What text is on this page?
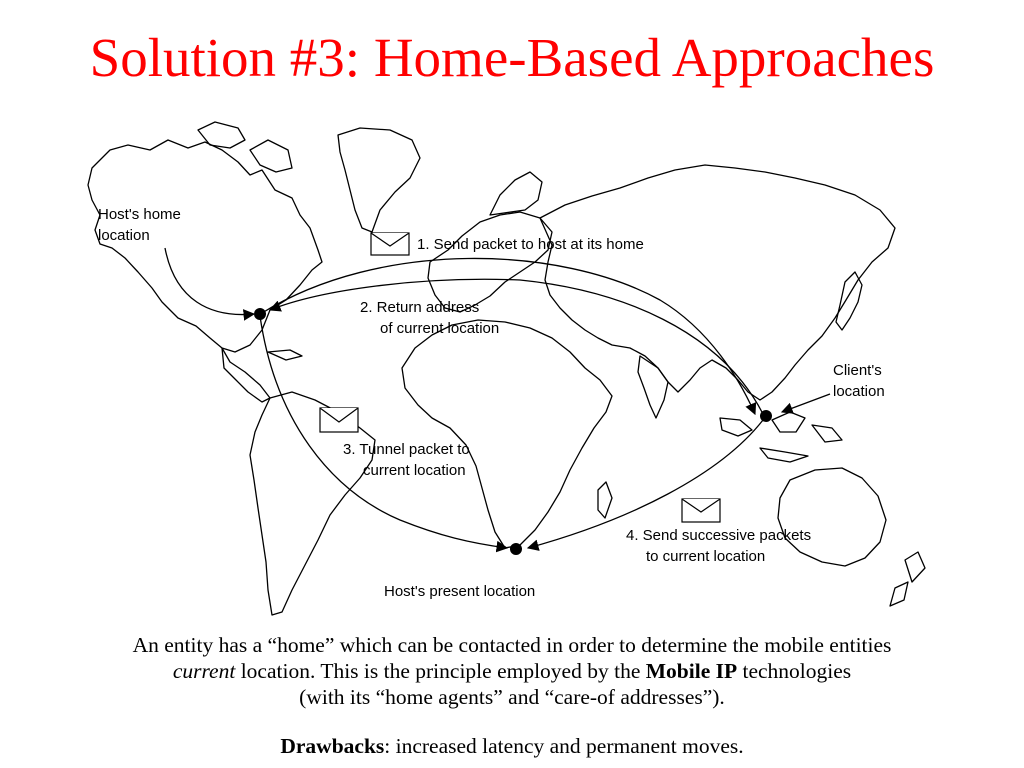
Solution #3: Home-Based Approaches
Host's home location
1. Send packet to host at its home
2. Return address of current location
Client's location
3. Tunnel packet to current location
4. Send successive packets to current location
Host's present location

An entity has a “home” which can be contacted in order to determine the mobile entities
current location. This is the principle employed by the Mobile IP technologies
(with its “home agents” and “care-of addresses”).

Drawbacks: increased latency and permanent moves.
